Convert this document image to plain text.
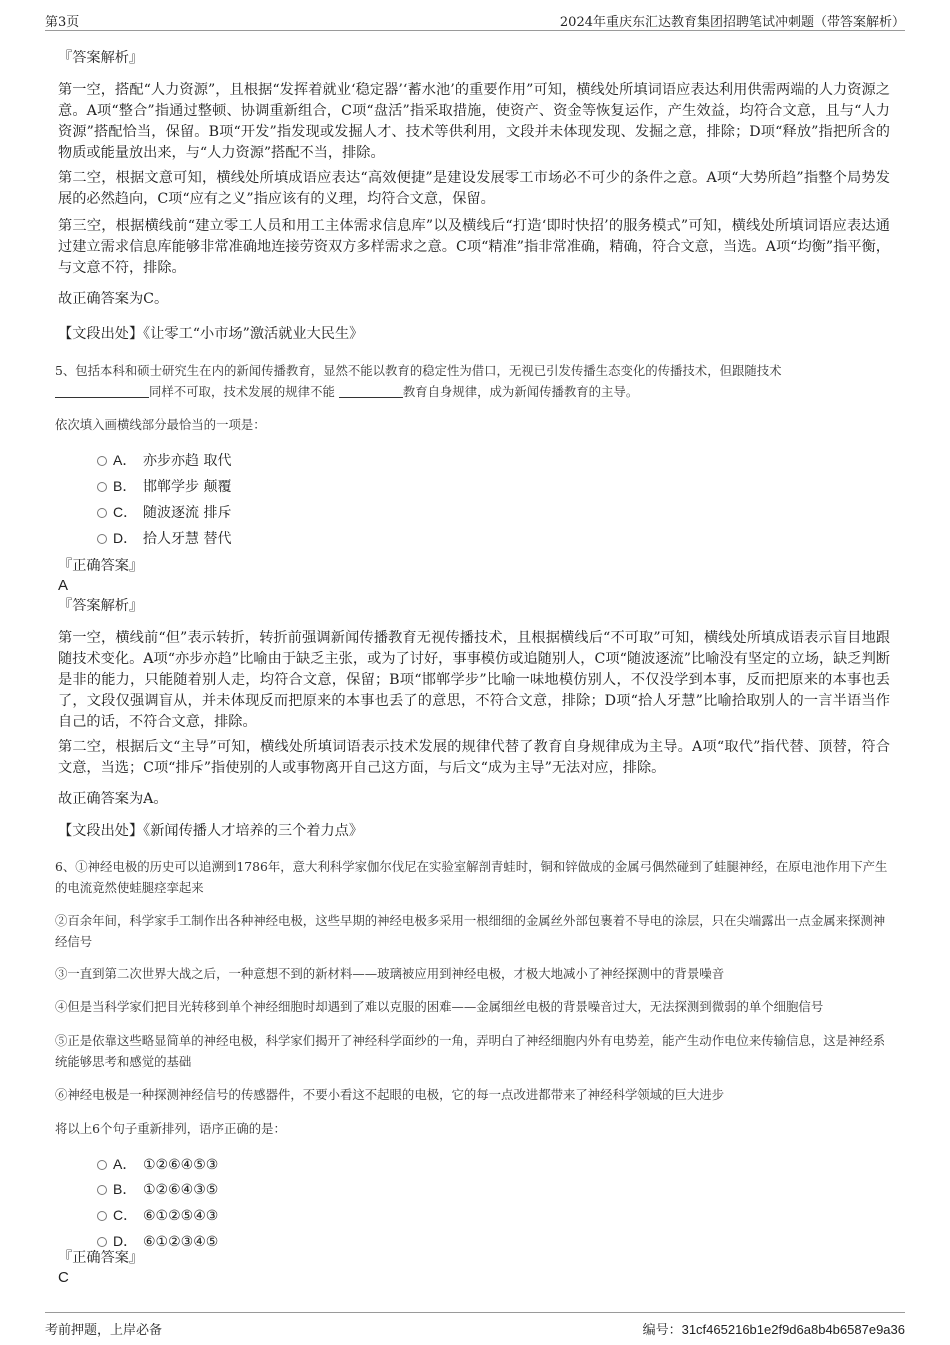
第3页	2024年重庆东汇达教育集团招聘笔试冲刺题（带答案解析）
『答案解析』
第一空，搭配“人力资源”，且根据“发挥着就业‘稳定器’‘蓄水池’的重要作用”可知，横线处所填词语应表达利用供需两端的人力资源之意。A项“整合”指通过整顿、协调重新组合，C项“盘活”指采取措施，使资产、资金等恢复运作，产生效益，均符合文意，且与“人力资源”搭配恰当，保留。B项“开发”指发现或发掘人才、技术等供利用，文段并未体现发现、发掘之意，排除；D项“释放”指把所含的物质或能量放出来，与“人力资源”搭配不当，排除。
第二空，根据文意可知，横线处所填成语应表达“高效便捷”是建设发展零工市场必不可少的条件之意。A项“大势所趋”指整个局势发展的必然趋向，C项“应有之义”指应该有的义理，均符合文意，保留。
第三空，根据横线前“建立零工人员和用工主体需求信息库”以及横线后“打造‘即时快招’的服务模式”可知，横线处所填词语应表达通过建立需求信息库能够非常准确地连接劳资双方多样需求之意。C项“精准”指非常准确，精确，符合文意，当选。A项“均衡”指平衡，与文意不符，排除。
故正确答案为C。
【文段出处】《让零工“小市场”激活就业大民生》
5、包括本科和硕士研究生在内的新闻传播教育，显然不能以教育的稳定性为借口，无视已引发传播生态变化的传播技术，但跟随技术
同样不可取，技术发展的规律不能	教育自身规律，成为新闻传播教育的主导。
依次填入画横线部分最恰当的一项是：
A． 亦步亦趋 取代
B． 邯郸学步 颠覆
C． 随波逐流 排斥
D． 拾人牙慧 替代
『正确答案』
A
『答案解析』
第一空，横线前“但”表示转折，转折前强调新闻传播教育无视传播技术，且根据横线后“不可取”可知，横线处所填成语表示盲目地跟随技术变化。A项“亦步亦趋”比喻由于缺乏主张，或为了讨好，事事模仿或追随别人，C项“随波逐流”比喻没有坚定的立场，缺乏判断是非的能力，只能随着别人走，均符合文意，保留；B项“邯郸学步”比喻一味地模仿别人，不仅没学到本事，反而把原来的本事也丢了，文段仅强调盲从，并未体现反而把原来的本事也丢了的意思，不符合文意，排除；D项“拾人牙慧”比喻拾取别人的一言半语当作自己的话，不符合文意，排除。
第二空，根据后文“主导”可知，横线处所填词语表示技术发展的规律代替了教育自身规律成为主导。A项“取代”指代替、顶替，符合文意，当选；C项“排斥”指使别的人或事物离开自己这方面，与后文“成为主导”无法对应，排除。
故正确答案为A。
【文段出处】《新闻传播人才培养的三个着力点》
6、①神经电极的历史可以追溯到1786年，意大利科学家伽尔伐尼在实验室解剖青蛙时，铜和锌做成的金属弓偶然碰到了蛙腿神经，在原电池作用下产生的电流竟然使蛙腿痉挛起来
②百余年间，科学家手工制作出各种神经电极，这些早期的神经电极多采用一根细细的金属丝外部包裹着不导电的涂层，只在尖端露出一点金属来探测神经信号
③一直到第二次世界大战之后，一种意想不到的新材料——玻璃被应用到神经电极，才极大地减小了神经探测中的背景噪音
④但是当科学家们把目光转移到单个神经细胞时却遇到了难以克服的困难——金属细丝电极的背景噪音过大，无法探测到微弱的单个细胞信号
⑤正是依靠这些略显简单的神经电极，科学家们揭开了神经科学面纱的一角，弄明白了神经细胞内外有电势差，能产生动作电位来传输信息，这是神经系统能够思考和感觉的基础
⑥神经电极是一种探测神经信号的传感器件，不要小看这不起眼的电极，它的每一点改进都带来了神经科学领域的巨大进步
将以上6个句子重新排列，语序正确的是：
A． ①②⑥④⑤③
B． ①②⑥④③⑤
C． ⑥①②⑤④③
D． ⑥①②③④⑤
『正确答案』
C
考前押题，上岸必备	编号：31cf465216b1e2f9d6a8b4b6587e9a36
